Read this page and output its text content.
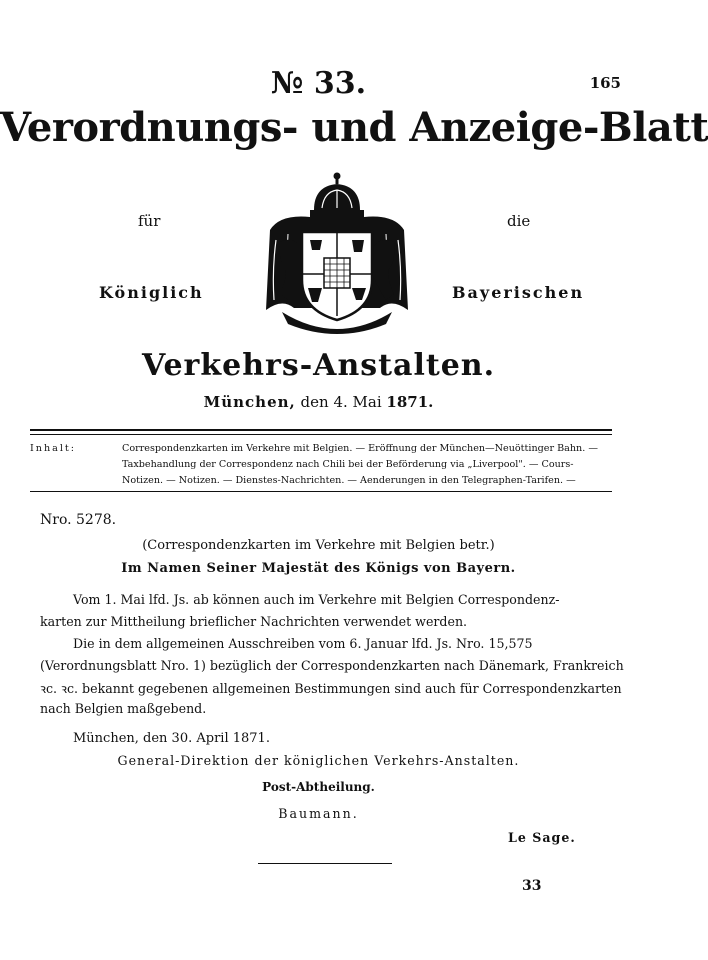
№ 33.	165
Verordnungs- und Anzeige-Blatt
für	die
Königlich	Bayerischen
Verkehrs-Anstalten.
München, den 4. Mai 1871.
Inhalt:	Correspondenzkarten im Verkehre mit Belgien. — Eröffnung der München—Neuöttinger Bahn. —
Taxbehandlung der Correspondenz nach Chili bei der Beförderung via „Liverpool". — Cours-
Notizen. — Notizen. — Dienstes-Nachrichten. — Aenderungen in den Telegraphen-Tarifen. —
Nro. 5278.
(Correspondenzkarten im Verkehre mit Belgien betr.)
Im Namen Seiner Majestät des Königs von Bayern.
Vom 1. Mai lfd. Js. ab können auch im Verkehre mit Belgien Correspondenz-
karten zur Mittheilung brieflicher Nachrichten verwendet werden.
Die in dem allgemeinen Ausschreiben vom 6. Januar lfd. Js. Nro. 15,575
(Verordnungsblatt Nro. 1) bezüglich der Correspondenzkarten nach Dänemark, Frankreich
ꝛc. ꝛc. bekannt gegebenen allgemeinen Bestimmungen sind auch für Correspondenzkarten
nach Belgien maßgebend.
München, den 30. April 1871.
General-Direktion der königlichen Verkehrs-Anstalten.
Post-Abtheilung.
Baumann.
Le Sage.
33
